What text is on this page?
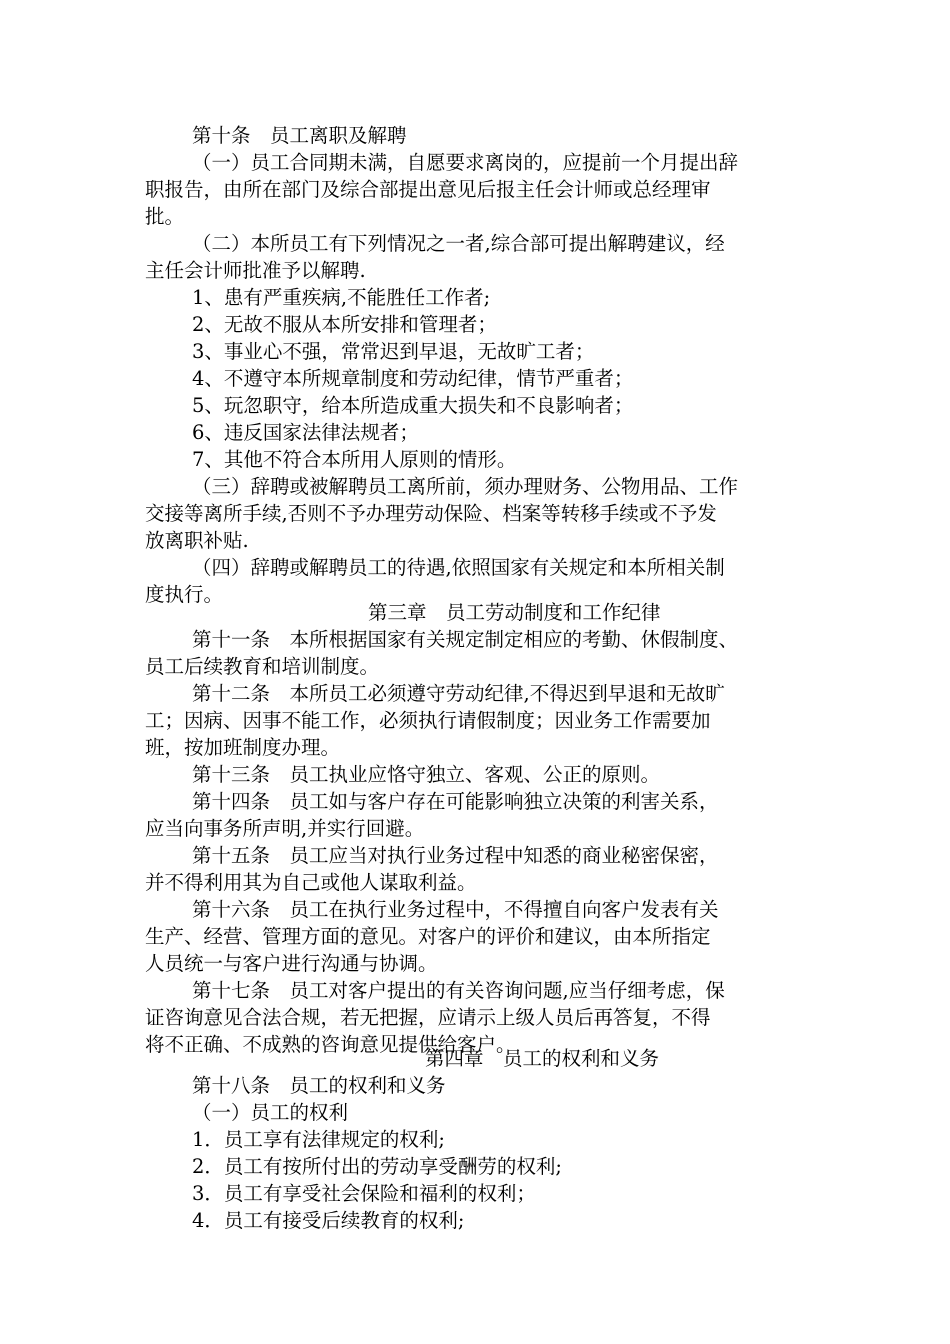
第十条　员工离职及解聘
（一）员工合同期未满，自愿要求离岗的，应提前一个月提出辞
职报告，由所在部门及综合部提出意见后报主任会计师或总经理审
批。
（二）本所员工有下列情况之一者,综合部可提出解聘建议，经
主任会计师批准予以解聘.
1、患有严重疾病,不能胜任工作者;
2、无故不服从本所安排和管理者；
3、事业心不强，常常迟到早退，无故旷工者；
4、不遵守本所规章制度和劳动纪律，情节严重者；
5、玩忽职守，给本所造成重大损失和不良影响者；
6、违反国家法律法规者；
7、其他不符合本所用人原则的情形。
（三）辞聘或被解聘员工离所前，须办理财务、公物用品、工作
交接等离所手续,否则不予办理劳动保险、档案等转移手续或不予发
放离职补贴.
（四）辞聘或解聘员工的待遇,依照国家有关规定和本所相关制
度执行。
第三章　员工劳动制度和工作纪律
第十一条　本所根据国家有关规定制定相应的考勤、休假制度、
员工后续教育和培训制度。
第十二条　本所员工必须遵守劳动纪律,不得迟到早退和无故旷
工；因病、因事不能工作，必须执行请假制度；因业务工作需要加
班，按加班制度办理。
第十三条　员工执业应恪守独立、客观、公正的原则。
第十四条　员工如与客户存在可能影响独立决策的利害关系，
应当向事务所声明,并实行回避。
第十五条　员工应当对执行业务过程中知悉的商业秘密保密，
并不得利用其为自己或他人谋取利益。
第十六条　员工在执行业务过程中，不得擅自向客户发表有关
生产、经营、管理方面的意见。对客户的评价和建议，由本所指定
人员统一与客户进行沟通与协调。
第十七条　员工对客户提出的有关咨询问题,应当仔细考虑，保
证咨询意见合法合规，若无把握，应请示上级人员后再答复，不得
将不正确、不成熟的咨询意见提供给客户。
第四章　员工的权利和义务
第十八条　员工的权利和义务
（一）员工的权利
1．员工享有法律规定的权利;
2．员工有按所付出的劳动享受酬劳的权利;
3．员工有享受社会保险和福利的权利；
4．员工有接受后续教育的权利;
